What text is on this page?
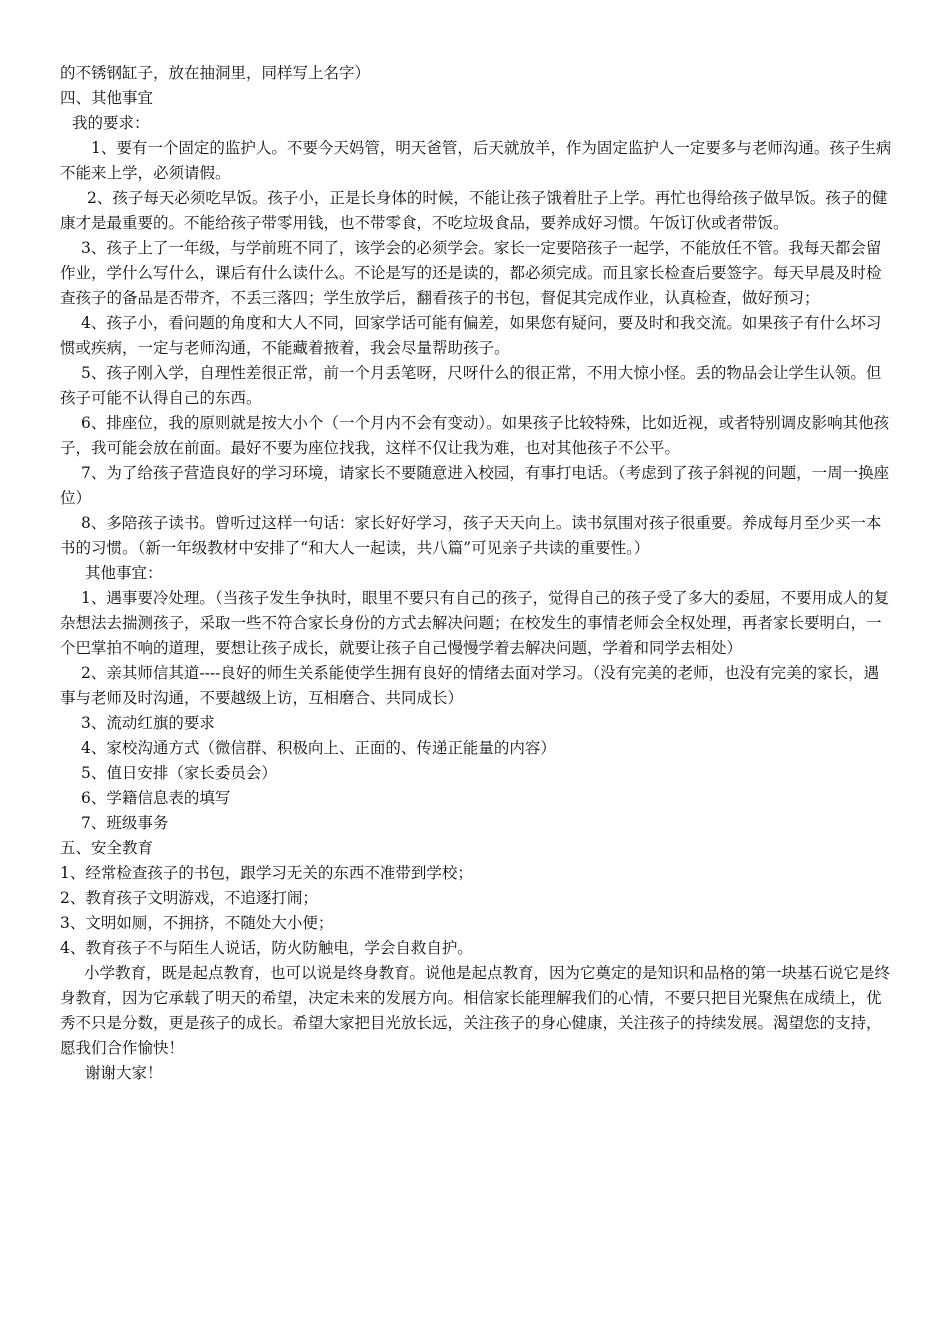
的不锈钢缸子，放在抽洞里，同样写上名字）

四、其他事宜

我的要求：

1、要有一个固定的监护人。不要今天妈管，明天爸管，后天就放羊，作为固定监护人一定要多与老师沟通。孩子生病不能来上学，必须请假。

2、孩子每天必须吃早饭。孩子小，正是长身体的时候，不能让孩子饿着肚子上学。再忙也得给孩子做早饭。孩子的健康才是最重要的。不能给孩子带零用钱，也不带零食，不吃垃圾食品，要养成好习惯。午饭订伙或者带饭。

3、孩子上了一年级，与学前班不同了，该学会的必须学会。家长一定要陪孩子一起学，不能放任不管。我每天都会留作业，学什么写什么，课后有什么读什么。不论是写的还是读的，都必须完成。而且家长检查后要签字。每天早晨及时检查孩子的备品是否带齐，不丢三落四；学生放学后，翻看孩子的书包，督促其完成作业，认真检查，做好预习；

4、孩子小，看问题的角度和大人不同，回家学话可能有偏差，如果您有疑问，要及时和我交流。如果孩子有什么坏习惯或疾病，一定与老师沟通，不能藏着掖着，我会尽量帮助孩子。

5、孩子刚入学，自理性差很正常，前一个月丢笔呀，尺呀什么的很正常，不用大惊小怪。丢的物品会让学生认领。但孩子可能不认得自己的东西。

6、排座位，我的原则就是按大小个（一个月内不会有变动）。如果孩子比较特殊，比如近视，或者特别调皮影响其他孩子，我可能会放在前面。最好不要为座位找我，这样不仅让我为难，也对其他孩子不公平。

7、为了给孩子营造良好的学习环境，请家长不要随意进入校园，有事打电话。（考虑到了孩子斜视的问题，一周一换座位）

8、多陪孩子读书。曾听过这样一句话：家长好好学习，孩子天天向上。读书氛围对孩子很重要。养成每月至少买一本书的习惯。（新一年级教材中安排了“和大人一起读，共八篇”可见亲子共读的重要性。）

其他事宜：

1、遇事要冷处理。（当孩子发生争执时，眼里不要只有自己的孩子，觉得自己的孩子受了多大的委屈，不要用成人的复杂想法去揣测孩子，采取一些不符合家长身份的方式去解决问题；在校发生的事情老师会全权处理，再者家长要明白，一个巴掌拍不响的道理，要想让孩子成长，就要让孩子自己慢慢学着去解决问题，学着和同学去相处）

2、亲其师信其道----良好的师生关系能使学生拥有良好的情绪去面对学习。（没有完美的老师，也没有完美的家长，遇事与老师及时沟通，不要越级上访，互相磨合、共同成长）

3、流动红旗的要求

4、家校沟通方式（微信群、积极向上、正面的、传递正能量的内容）

5、值日安排（家长委员会）

6、学籍信息表的填写

7、班级事务

五、安全教育

1、经常检查孩子的书包，跟学习无关的东西不准带到学校；

2、教育孩子文明游戏，不追逐打闹；

3、文明如厕，不拥挤，不随处大小便；

4、教育孩子不与陌生人说话，防火防触电，学会自救自护。

小学教育，既是起点教育，也可以说是终身教育。说他是起点教育，因为它奠定的是知识和品格的第一块基石说它是终身教育，因为它承载了明天的希望，决定未来的发展方向。相信家长能理解我们的心情，不要只把目光聚焦在成绩上，优秀不只是分数，更是孩子的成长。希望大家把目光放长远，关注孩子的身心健康，关注孩子的持续发展。渴望您的支持，愿我们合作愉快！

谢谢大家！
